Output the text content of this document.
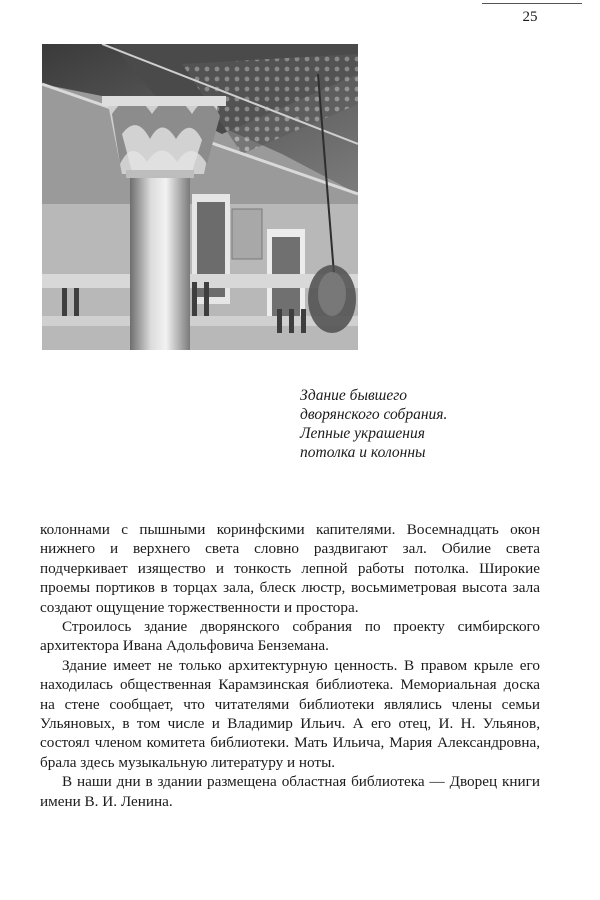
25
Здание бывшего
дворянского собрания.
Лепные украшения
потолка и колонны

колоннами с пышными коринфскими капителями. Восемнадцать окон нижнего и верхнего света словно раздвигают зал. Обилие света подчеркивает изящество и тонкость лепной работы потолка. Широкие проемы портиков в торцах зала, блеск люстр, восьмиметровая высота зала создают ощущение торжественности и простора.

Строилось здание дворянского собрания по проекту симбирского архитектора Ивана Адольфовича Бенземана.

Здание имеет не только архитектурную ценность. В правом крыле его находилась общественная Карамзинская библиотека. Мемориальная доска на стене сообщает, что читателями библиотеки являлись члены семьи Ульяновых, в том числе и Владимир Ильич. А его отец, И. Н. Ульянов, состоял членом комитета библиотеки. Мать Ильича, Мария Александровна, брала здесь музыкальную литературу и ноты.

В наши дни в здании размещена областная библиотека — Дворец книги имени В. И. Ленина.
